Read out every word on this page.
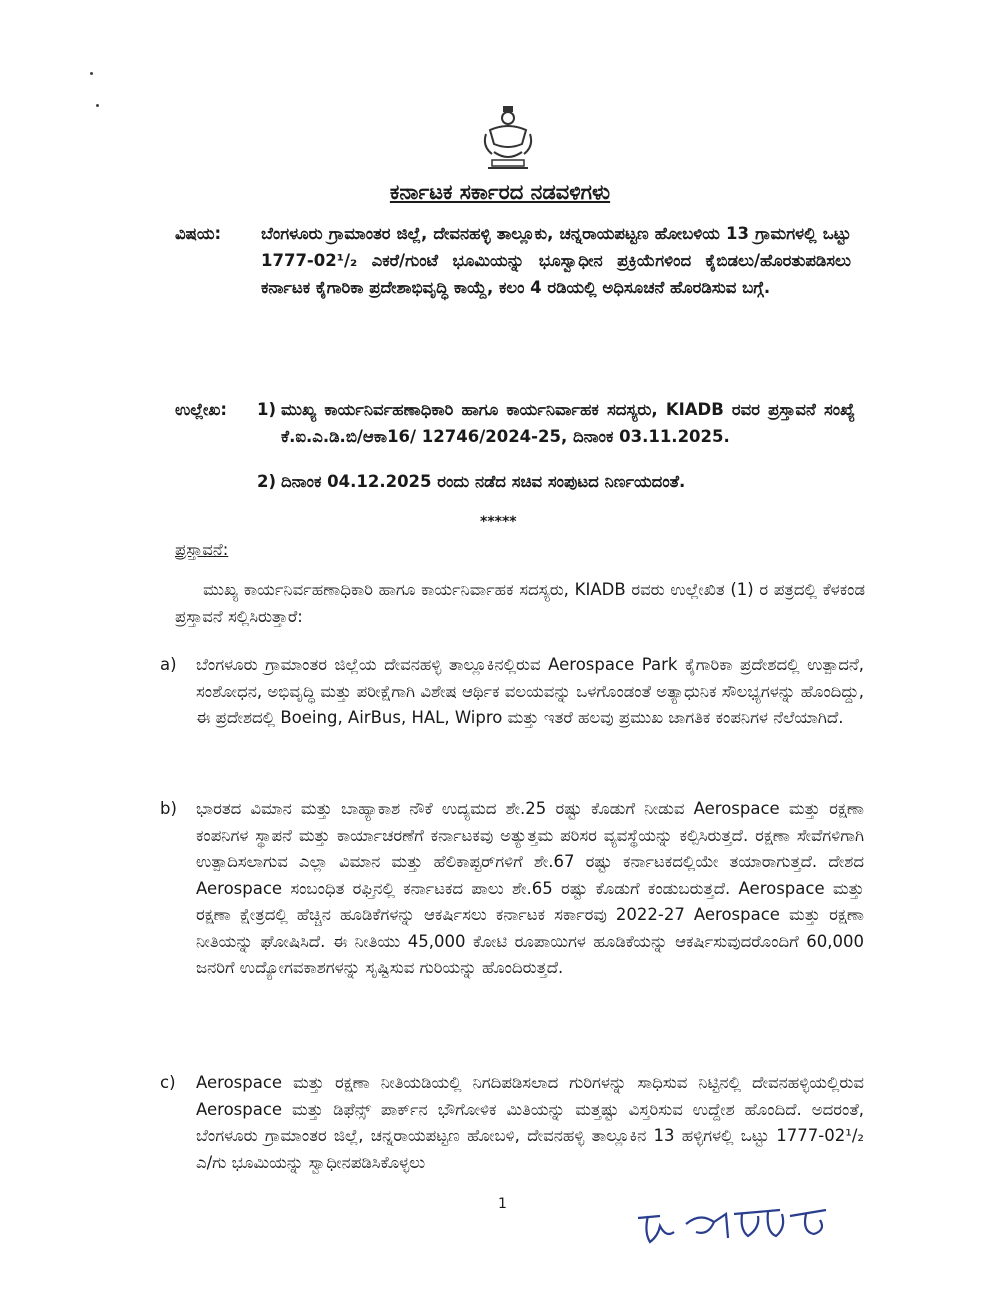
ಕರ್ನಾಟಕ ಸರ್ಕಾರದ ನಡವಳಿಗಳು
ವಿಷಯ: ಬೆಂಗಳೂರು ಗ್ರಾಮಾಂತರ ಜಿಲ್ಲೆ, ದೇವನಹಳ್ಳಿ ತಾಲ್ಲೂಕು, ಚನ್ನರಾಯಪಟ್ಟಣ ಹೋಬಳಿಯ 13 ಗ್ರಾಮಗಳಲ್ಲಿ ಒಟ್ಟು 1777-02¹/₂ ಎಕರೆ/ಗುಂಟೆ ಭೂಮಿಯನ್ನು ಭೂಸ್ವಾಧೀನ ಪ್ರಕ್ರಿಯೆಗಳಿಂದ ಕೈಬಿಡಲು/ಹೊರತುಪಡಿಸಲು ಕರ್ನಾಟಕ ಕೈಗಾರಿಕಾ ಪ್ರದೇಶಾಭಿವೃದ್ಧಿ ಕಾಯ್ದೆ, ಕಲಂ 4 ರಡಿಯಲ್ಲಿ ಅಧಿಸೂಚನೆ ಹೊರಡಿಸುವ ಬಗ್ಗೆ.
ಉಲ್ಲೇಖ: 1) ಮುಖ್ಯ ಕಾರ್ಯನಿರ್ವಹಣಾಧಿಕಾರಿ ಹಾಗೂ ಕಾರ್ಯನಿರ್ವಾಹಕ ಸದಸ್ಯರು, KIADB ರವರ ಪ್ರಸ್ತಾವನೆ ಸಂಖ್ಯೆ ಕೆ.ಐ.ಎ.ಡಿ.ಬಿ/ಆಕಾ16/ 12746/2024-25, ದಿನಾಂಕ 03.11.2025.
2) ದಿನಾಂಕ 04.12.2025 ರಂದು ನಡೆದ ಸಚಿವ ಸಂಪುಟದ ನಿರ್ಣಯದಂತೆ.
*****
ಪ್ರಸ್ತಾವನೆ:
ಮುಖ್ಯ ಕಾರ್ಯನಿರ್ವಹಣಾಧಿಕಾರಿ ಹಾಗೂ ಕಾರ್ಯನಿರ್ವಾಹಕ ಸದಸ್ಯರು, KIADB ರವರು ಉಲ್ಲೇಖಿತ (1) ರ ಪತ್ರದಲ್ಲಿ ಕೆಳಕಂಡ ಪ್ರಸ್ತಾವನೆ ಸಲ್ಲಿಸಿರುತ್ತಾರೆ:
a) ಬೆಂಗಳೂರು ಗ್ರಾಮಾಂತರ ಜಿಲ್ಲೆಯ ದೇವನಹಳ್ಳಿ ತಾಲ್ಲೂಕಿನಲ್ಲಿರುವ Aerospace Park ಕೈಗಾರಿಕಾ ಪ್ರದೇಶದಲ್ಲಿ ಉತ್ಪಾದನೆ, ಸಂಶೋಧನ, ಅಭಿವೃದ್ಧಿ ಮತ್ತು ಪರೀಕ್ಷೆಗಾಗಿ ವಿಶೇಷ ಆರ್ಥಿಕ ವಲಯವನ್ನು ಒಳಗೊಂಡಂತೆ ಅತ್ಯಾಧುನಿಕ ಸೌಲಭ್ಯಗಳನ್ನು ಹೊಂದಿದ್ದು, ಈ ಪ್ರದೇಶದಲ್ಲಿ Boeing, AirBus, HAL, Wipro ಮತ್ತು ಇತರೆ ಹಲವು ಪ್ರಮುಖ ಜಾಗತಿಕ ಕಂಪನಿಗಳ ನೆಲೆಯಾಗಿದೆ.
b) ಭಾರತದ ವಿಮಾನ ಮತ್ತು ಬಾಹ್ಯಾಕಾಶ ನೌಕೆ ಉದ್ಯಮದ ಶೇ.25 ರಷ್ಟು ಕೊಡುಗೆ ನೀಡುವ Aerospace ಮತ್ತು ರಕ್ಷಣಾ ಕಂಪನಿಗಳ ಸ್ಥಾಪನೆ ಮತ್ತು ಕಾರ್ಯಾಚರಣೆಗೆ ಕರ್ನಾಟಕವು ಅತ್ಯುತ್ತಮ ಪರಿಸರ ವ್ಯವಸ್ಥೆಯನ್ನು ಕಲ್ಪಿಸಿರುತ್ತದೆ. ರಕ್ಷಣಾ ಸೇವೆಗಳಿಗಾಗಿ ಉತ್ಪಾದಿಸಲಾಗುವ ಎಲ್ಲಾ ವಿಮಾನ ಮತ್ತು ಹೆಲಿಕಾಪ್ಟರ್‌ಗಳಿಗೆ ಶೇ.67 ರಷ್ಟು ಕರ್ನಾಟಕದಲ್ಲಿಯೇ ತಯಾರಾಗುತ್ತದೆ. ದೇಶದ Aerospace ಸಂಬಂಧಿತ ರಫ್ತಿನಲ್ಲಿ ಕರ್ನಾಟಕದ ಪಾಲು ಶೇ.65 ರಷ್ಟು ಕೊಡುಗೆ ಕಂಡುಬರುತ್ತದೆ. Aerospace ಮತ್ತು ರಕ್ಷಣಾ ಕ್ಷೇತ್ರದಲ್ಲಿ ಹೆಚ್ಚಿನ ಹೂಡಿಕೆಗಳನ್ನು ಆಕರ್ಷಿಸಲು ಕರ್ನಾಟಕ ಸರ್ಕಾರವು 2022-27 Aerospace ಮತ್ತು ರಕ್ಷಣಾ ನೀತಿಯನ್ನು ಘೋಷಿಸಿದೆ. ಈ ನೀತಿಯು 45,000 ಕೋಟಿ ರೂಪಾಯಿಗಳ ಹೂಡಿಕೆಯನ್ನು ಆಕರ್ಷಿಸುವುದರೊಂದಿಗೆ 60,000 ಜನರಿಗೆ ಉದ್ಯೋಗವಕಾಶಗಳನ್ನು ಸೃಷ್ಟಿಸುವ ಗುರಿಯನ್ನು ಹೊಂದಿರುತ್ತದೆ.
c) Aerospace ಮತ್ತು ರಕ್ಷಣಾ ನೀತಿಯಡಿಯಲ್ಲಿ ನಿಗದಿಪಡಿಸಲಾದ ಗುರಿಗಳನ್ನು ಸಾಧಿಸುವ ನಿಟ್ಟಿನಲ್ಲಿ ದೇವನಹಳ್ಳಿಯಲ್ಲಿರುವ Aerospace ಮತ್ತು ಡಿಫೆನ್ಸ್ ಪಾರ್ಕ್‌ನ ಭೌಗೋಳಿಕ ಮಿತಿಯನ್ನು ಮತ್ತಷ್ಟು ವಿಸ್ತರಿಸುವ ಉದ್ದೇಶ ಹೊಂದಿದೆ. ಅದರಂತೆ, ಬೆಂಗಳೂರು ಗ್ರಾಮಾಂತರ ಜಿಲ್ಲೆ, ಚನ್ನರಾಯಪಟ್ಟಣ ಹೋಬಳಿ, ದೇವನಹಳ್ಳಿ ತಾಲ್ಲೂಕಿನ 13 ಹಳ್ಳಿಗಳಲ್ಲಿ ಒಟ್ಟು 1777-02¹/₂ ಎ/ಗು ಭೂಮಿಯನ್ನು ಸ್ವಾಧೀನಪಡಿಸಿಕೊಳ್ಳಲು
1
